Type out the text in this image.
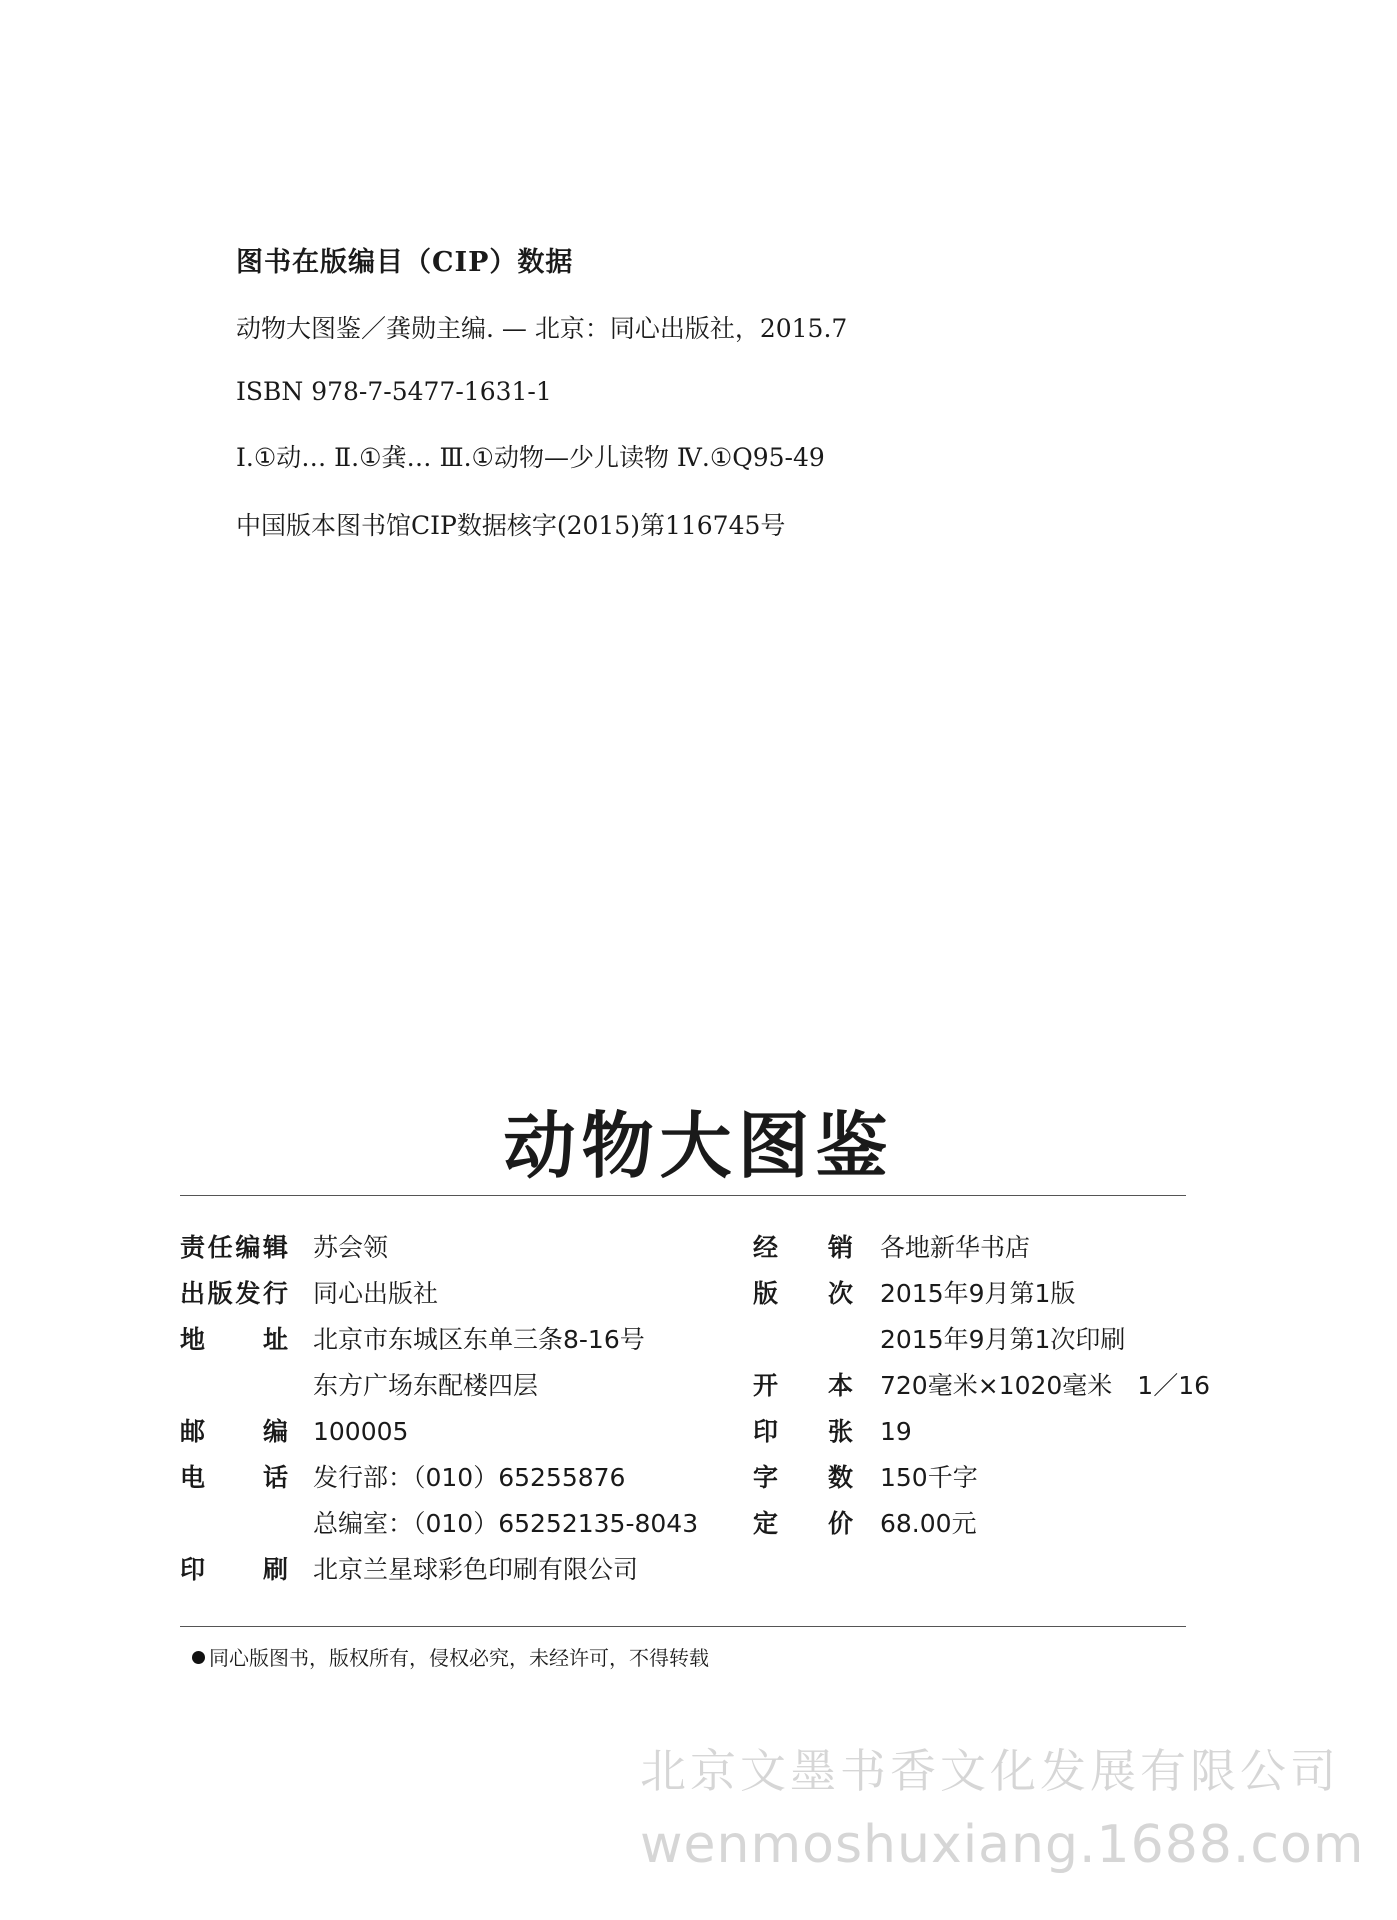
图书在版编目（CIP）数据
动物大图鉴／龚勋主编. — 北京：同心出版社，2015.7
ISBN 978-7-5477-1631-1
Ⅰ.①动… Ⅱ.①龚… Ⅲ.①动物—少儿读物 Ⅳ.①Q95-49
中国版本图书馆CIP数据核字(2015)第116745号
动物大图鉴
责 任 编 辑 苏会领
出 版 发 行 同心出版社
地 址 北京市东城区东单三条8-16号
东方广场东配楼四层
邮 编 100005
电 话 发行部：（010）65255876
总编室：（010）65252135-8043
印 刷 北京兰星球彩色印刷有限公司
经 销 各地新华书店
版 次 2015年9月第1版
2015年9月第1次印刷
开 本 720毫米×1020毫米　1／16
印 张 19
字 数 150千字
定 价 68.00元
同心版图书，版权所有，侵权必究，未经许可，不得转载
北京文墨书香文化发展有限公司
wenmoshuxiang.1688.com
